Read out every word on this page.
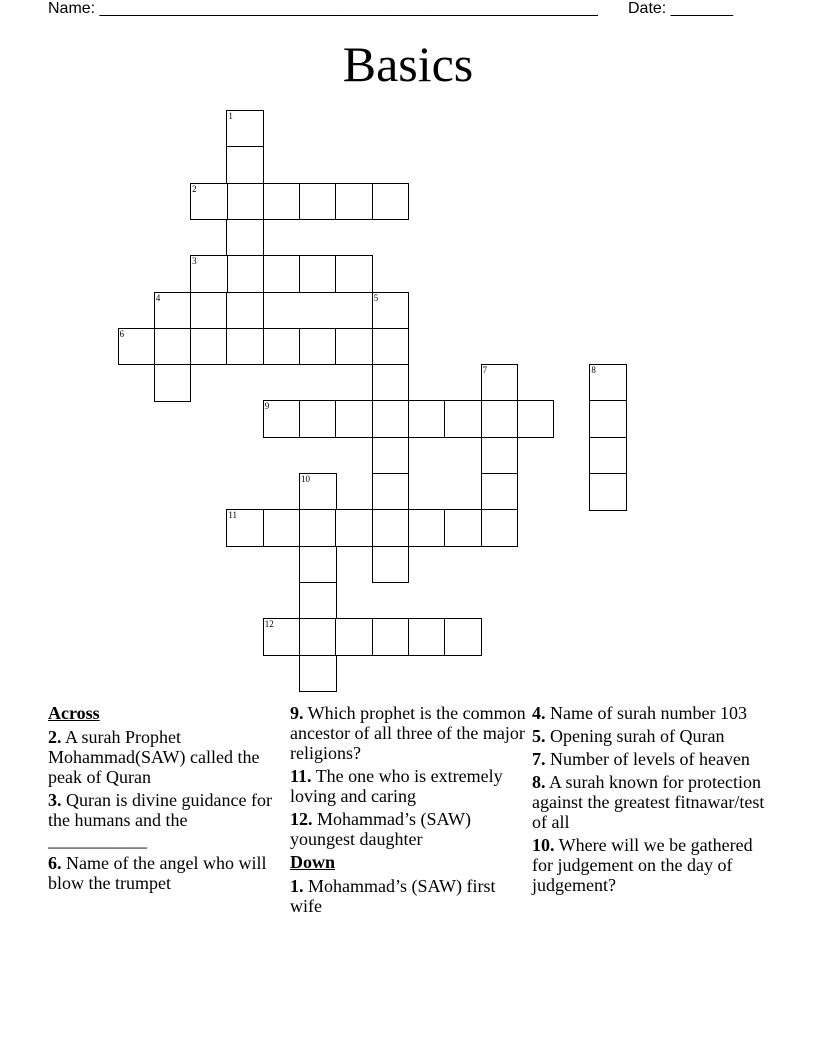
Name: ________________________________________________________ Date: _______
Basics
1
2
3
4	5
6
7	8
9
10
11
12
Across
2. A surah Prophet Mohammad(SAW) called the peak of Quran
3. Quran is divine guidance for the humans and the ___________
6. Name of the angel who will blow the trumpet
9. Which prophet is the common ancestor of all three of the major religions?
11. The one who is extremely loving and caring
12. Mohammad’s (SAW) youngest daughter
Down
1. Mohammad’s (SAW) first wife
4. Name of surah number 103
5. Opening surah of Quran
7. Number of levels of heaven
8. A surah known for protection against the greatest fitnawar/test of all
10. Where will we be gathered for judgement on the day of judgement?
